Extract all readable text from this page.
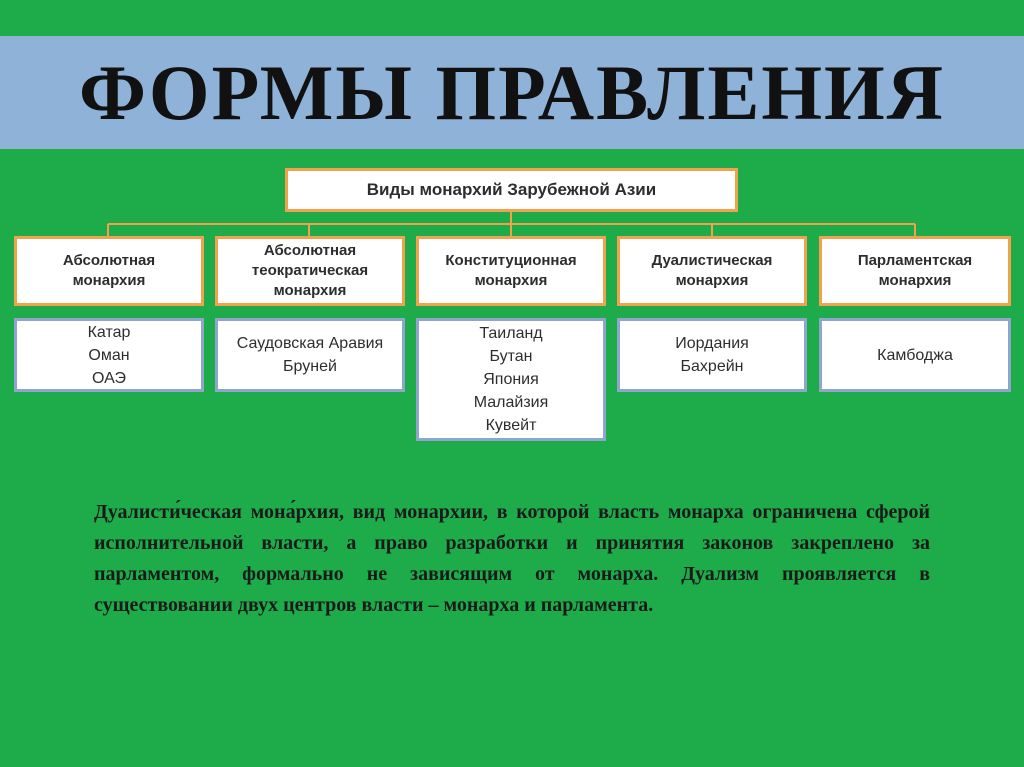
ФОРМЫ ПРАВЛЕНИЯ
Виды монархий Зарубежной Азии
Абсолютная
монархия
Катар
Оман
ОАЭ
Абсолютная
теократическая
монархия
Саудовская Аравия
Бруней
Конституционная
монархия
Таиланд
Бутан
Япония
Малайзия
Кувейт
Дуалистическая
монархия
Иордания
Бахрейн
Парламентская
монархия
Камбоджа
Дуалисти́ческая мона́рхия, вид монархии, в которой власть монарха ограничена сферой исполнительной власти, а право разработки и принятия законов закреплено за парламентом, формально не зависящим от монарха. Дуализм проявляется в существовании двух центров власти – монарха и парламента.
